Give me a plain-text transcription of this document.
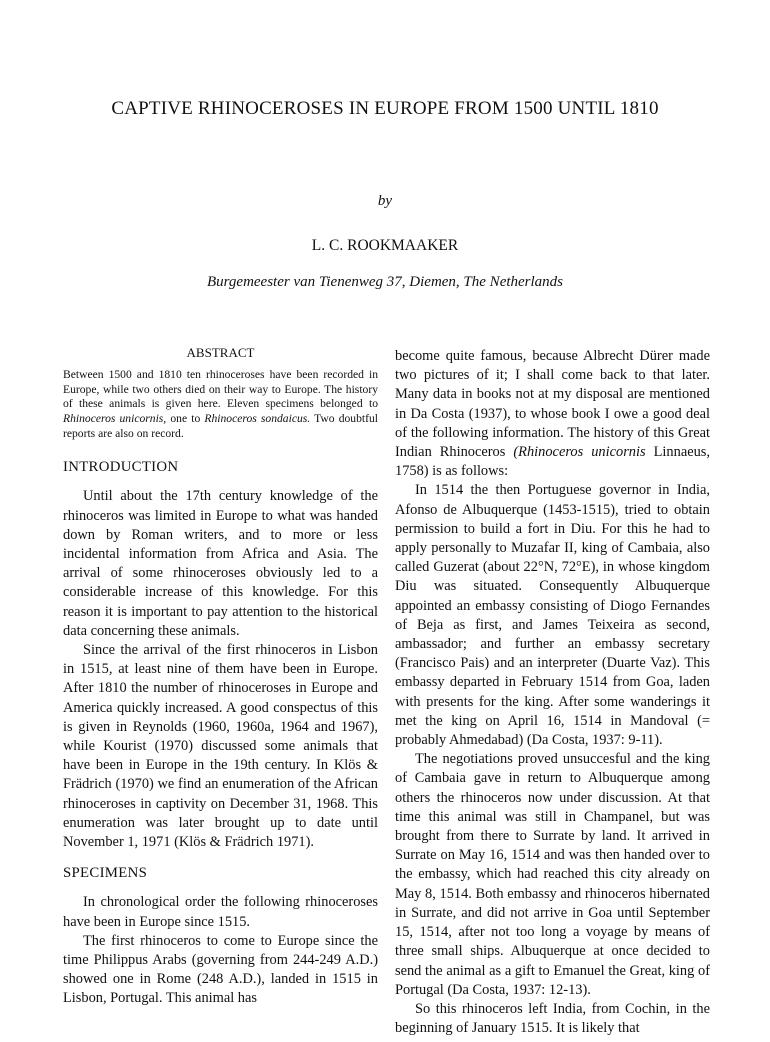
CAPTIVE RHINOCEROSES IN EUROPE FROM 1500 UNTIL 1810
by
L. C. ROOKMAAKER
Burgemeester van Tienenweg 37, Diemen, The Netherlands
ABSTRACT

Between 1500 and 1810 ten rhinoceroses have been recorded in Europe, while two others died on their way to Europe. The history of these animals is given here. Eleven specimens belonged to Rhinoceros unicornis, one to Rhinoceros sondaicus. Two doubtful reports are also on record.

INTRODUCTION

Until about the 17th century knowledge of the rhinoceros was limited in Europe to what was handed down by Roman writers, and to more or less incidental information from Africa and Asia. The arrival of some rhinoceroses obviously led to a considerable increase of this knowledge. For this reason it is important to pay attention to the historical data concerning these animals.

Since the arrival of the first rhinoceros in Lisbon in 1515, at least nine of them have been in Europe. After 1810 the number of rhinoceroses in Europe and America quickly increased. A good conspectus of this is given in Reynolds (1960, 1960a, 1964 and 1967), while Kourist (1970) discussed some animals that have been in Europe in the 19th century. In Klös & Frädrich (1970) we find an enumeration of the African rhinoceroses in captivity on December 31, 1968. This enumeration was later brought up to date until November 1, 1971 (Klös & Frädrich 1971).

SPECIMENS

In chronological order the following rhinoceroses have been in Europe since 1515.

The first rhinoceros to come to Europe since the time Philippus Arabs (governing from 244-249 A.D.) showed one in Rome (248 A.D.), landed in 1515 in Lisbon, Portugal. This animal has

become quite famous, because Albrecht Dürer made two pictures of it; I shall come back to that later. Many data in books not at my disposal are mentioned in Da Costa (1937), to whose book I owe a good deal of the following information. The history of this Great Indian Rhinoceros (Rhinoceros unicornis Linnaeus, 1758) is as follows:

In 1514 the then Portuguese governor in India, Afonso de Albuquerque (1453-1515), tried to obtain permission to build a fort in Diu. For this he had to apply personally to Muzafar II, king of Cambaia, also called Guzerat (about 22°N, 72°E), in whose kingdom Diu was situated. Consequently Albuquerque appointed an embassy consisting of Diogo Fernandes of Beja as first, and James Teixeira as second, ambassador; and further an embassy secretary (Francisco Pais) and an interpreter (Duarte Vaz). This embassy departed in February 1514 from Goa, laden with presents for the king. After some wanderings it met the king on April 16, 1514 in Mandoval (= probably Ahmedabad) (Da Costa, 1937: 9-11).

The negotiations proved unsuccesful and the king of Cambaia gave in return to Albuquerque among others the rhinoceros now under discussion. At that time this animal was still in Champanel, but was brought from there to Surrate by land. It arrived in Surrate on May 16, 1514 and was then handed over to the embassy, which had reached this city already on May 8, 1514. Both embassy and rhinoceros hibernated in Surrate, and did not arrive in Goa until September 15, 1514, after not too long a voyage by means of three small ships. Albuquerque at once decided to send the animal as a gift to Emanuel the Great, king of Portugal (Da Costa, 1937: 12-13).

So this rhinoceros left India, from Cochin, in the beginning of January 1515. It is likely that
